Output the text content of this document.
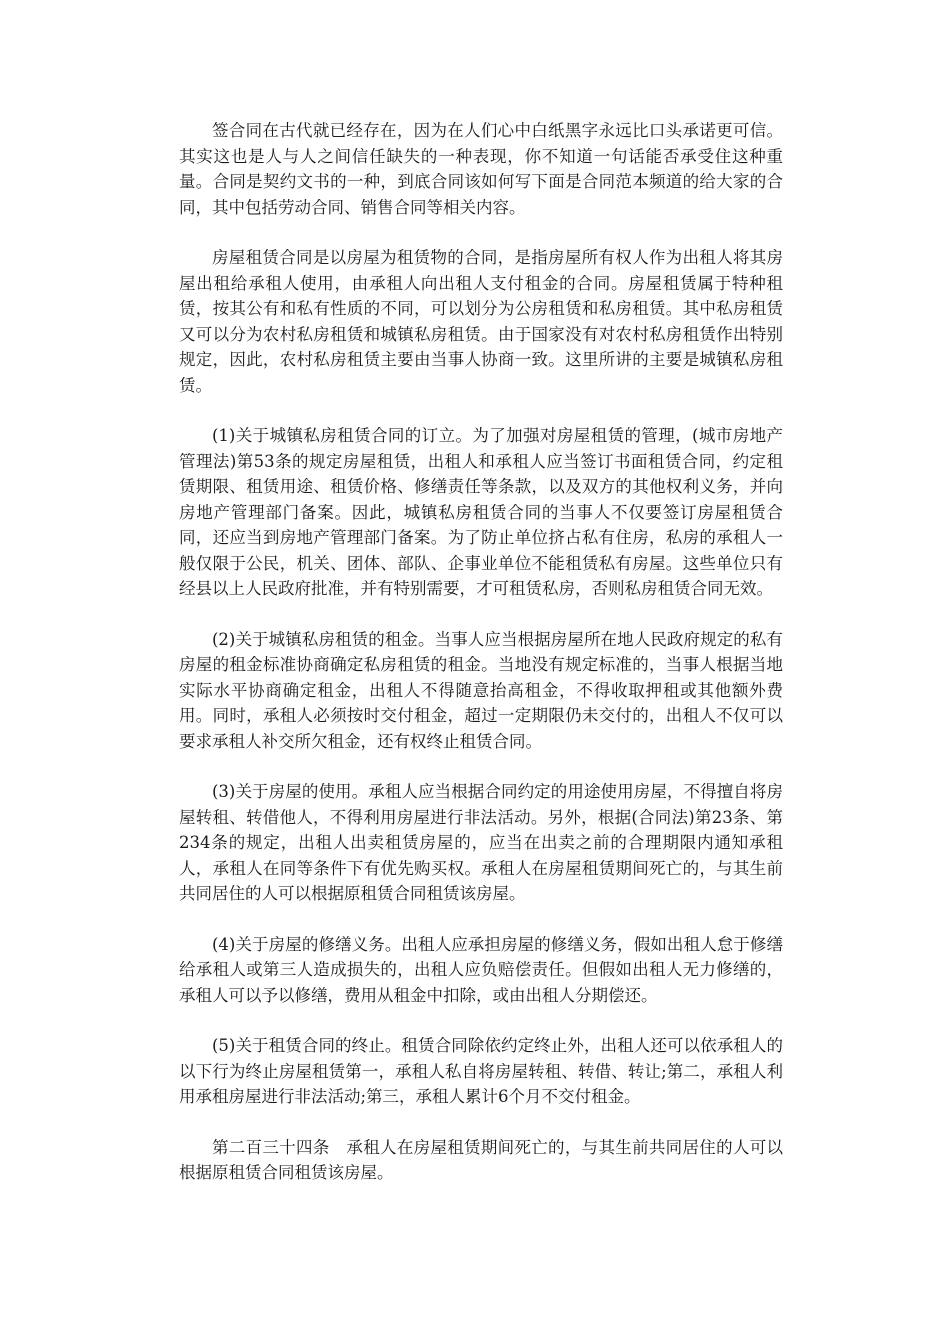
签合同在古代就已经存在，因为在人们心中白纸黑字永远比口头承诺更可信。其实这也是人与人之间信任缺失的一种表现，你不知道一句话能否承受住这种重量。合同是契约文书的一种，到底合同该如何写下面是合同范本频道的给大家的合同，其中包括劳动合同、销售合同等相关内容。

房屋租赁合同是以房屋为租赁物的合同，是指房屋所有权人作为出租人将其房屋出租给承租人使用，由承租人向出租人支付租金的合同。房屋租赁属于特种租赁，按其公有和私有性质的不同，可以划分为公房租赁和私房租赁。其中私房租赁又可以分为农村私房租赁和城镇私房租赁。由于国家没有对农村私房租赁作出特别规定，因此，农村私房租赁主要由当事人协商一致。这里所讲的主要是城镇私房租赁。

(1)关于城镇私房租赁合同的订立。为了加强对房屋租赁的管理，(城市房地产管理法)第53条的规定房屋租赁，出租人和承租人应当签订书面租赁合同，约定租赁期限、租赁用途、租赁价格、修缮责任等条款，以及双方的其他权利义务，并向房地产管理部门备案。因此，城镇私房租赁合同的当事人不仅要签订房屋租赁合同，还应当到房地产管理部门备案。为了防止单位挤占私有住房，私房的承租人一般仅限于公民，机关、团体、部队、企事业单位不能租赁私有房屋。这些单位只有经县以上人民政府批准，并有特别需要，才可租赁私房，否则私房租赁合同无效。

(2)关于城镇私房租赁的租金。当事人应当根据房屋所在地人民政府规定的私有房屋的租金标准协商确定私房租赁的租金。当地没有规定标准的，当事人根据当地实际水平协商确定租金，出租人不得随意抬高租金，不得收取押租或其他额外费用。同时，承租人必须按时交付租金，超过一定期限仍未交付的，出租人不仅可以要求承租人补交所欠租金，还有权终止租赁合同。

(3)关于房屋的使用。承租人应当根据合同约定的用途使用房屋，不得擅自将房屋转租、转借他人，不得利用房屋进行非法活动。另外，根据(合同法)第23条、第234条的规定，出租人出卖租赁房屋的，应当在出卖之前的合理期限内通知承租人，承租人在同等条件下有优先购买权。承租人在房屋租赁期间死亡的，与其生前共同居住的人可以根据原租赁合同租赁该房屋。

(4)关于房屋的修缮义务。出租人应承担房屋的修缮义务，假如出租人怠于修缮给承租人或第三人造成损失的，出租人应负赔偿责任。但假如出租人无力修缮的，承租人可以予以修缮，费用从租金中扣除，或由出租人分期偿还。

(5)关于租赁合同的终止。租赁合同除依约定终止外，出租人还可以依承租人的以下行为终止房屋租赁第一，承租人私自将房屋转租、转借、转让;第二，承租人利用承租房屋进行非法活动;第三，承租人累计6个月不交付租金。

第二百三十四条　承租人在房屋租赁期间死亡的，与其生前共同居住的人可以根据原租赁合同租赁该房屋。
